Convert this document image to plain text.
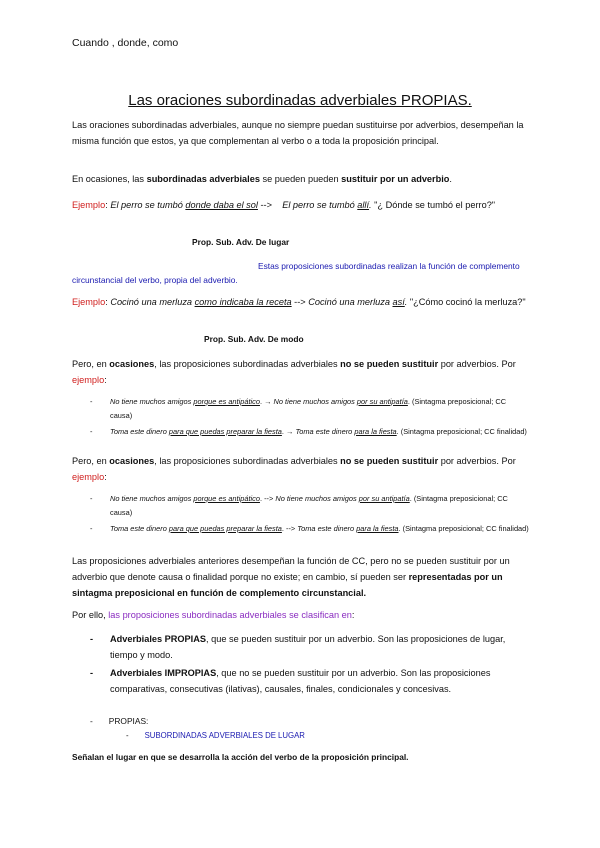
Cuando , donde, como
Las oraciones subordinadas adverbiales PROPIAS.

Las oraciones subordinadas adverbiales, aunque no siempre puedan sustituirse por adverbios, desempeñan la misma función que estos, ya que complementan al verbo o a toda la proposición principal.

En ocasiones, las subordinadas adverbiales se pueden pueden sustituir por un adverbio.

Ejemplo: El perro se tumbó donde daba el sol -->    El perro se tumbó allí. "¿ Dónde se tumbó el perro?"

Prop. Sub. Adv. De lugar

Estas proposiciones subordinadas realizan la función de complemento circunstancial del verbo, propia del adverbio.

Ejemplo: Cocinó una merluza como indicaba la receta --> Cocinó una merluza así. "¿Cómo cocinó la merluza?"

Prop. Sub. Adv. De modo

Pero, en ocasiones, las proposiciones subordinadas adverbiales no se pueden sustituir por adverbios. Por ejemplo:

- No tiene muchos amigos porque es antipático. → No tiene muchos amigos por su antipatía. (Sintagma preposicional; CC causa)
- Toma este dinero para que puedas preparar la fiesta. → Toma este dinero para la fiesta. (Sintagma preposicional; CC finalidad)

Pero, en ocasiones, las proposiciones subordinadas adverbiales no se pueden sustituir por adverbios. Por ejemplo:

- No tiene muchos amigos porque es antipático. --> No tiene muchos amigos por su antipatía. (Sintagma preposicional; CC causa)
- Toma este dinero para que puedas preparar la fiesta. --> Toma este dinero para la fiesta. (Sintagma preposicional; CC finalidad)

Las proposiciones adverbiales anteriores desempeñan la función de CC, pero no se pueden sustituir por un adverbio que denote causa o finalidad porque no existe; en cambio, sí pueden ser representadas por un sintagma preposicional en función de complemento circunstancial.

Por ello, las proposiciones subordinadas adverbiales se clasifican en:

- Adverbiales PROPIAS, que se pueden sustituir por un adverbio. Son las proposiciones de lugar, tiempo y modo.
- Adverbiales IMPROPIAS, que no se pueden sustituir por un adverbio. Son las proposiciones comparativas, consecutivas (ilativas), causales, finales, condicionales y concesivas.
- PROPIAS:
- SUBORDINADAS ADVERBIALES DE LUGAR
Señalan el lugar en que se desarrolla la acción del verbo de la proposición principal.
